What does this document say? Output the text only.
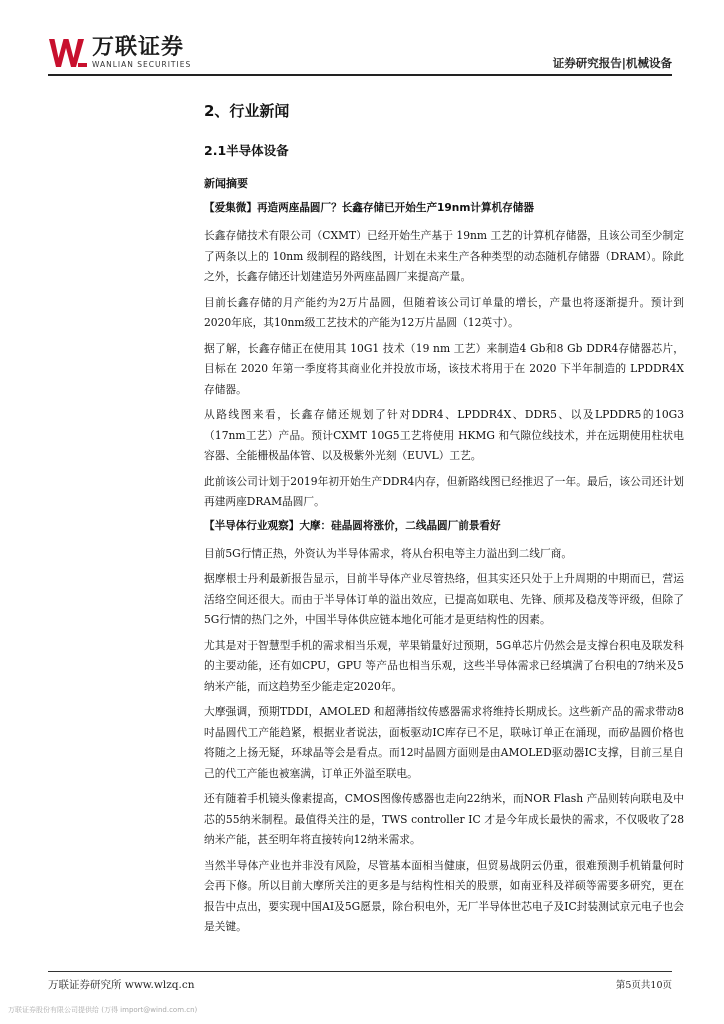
万联证券
WANLIAN SECURITIES	证券研究报告|机械设备
2、行业新闻
2.1半导体设备
新闻摘要
【爱集微】再造两座晶圆厂？长鑫存储已开始生产19nm计算机存储器
长鑫存储技术有限公司（CXMT）已经开始生产基于 19nm 工艺的计算机存储器，且该公司至少制定了两条以上的 10nm 级制程的路线图，计划在未来生产各种类型的动态随机存储器（DRAM）。除此之外，长鑫存储还计划建造另外两座晶圆厂来提高产量。
目前长鑫存储的月产能约为2万片晶圆，但随着该公司订单量的增长，产量也将逐渐提升。预计到 2020年底，其10nm级工艺技术的产能为12万片晶圆（12英寸）。
据了解，长鑫存储正在使用其 10G1 技术（19 nm 工艺）来制造4 Gb和8 Gb DDR4存储器芯片，目标在 2020 年第一季度将其商业化并投放市场，该技术将用于在 2020 下半年制造的 LPDDR4X 存储器。
从路线图来看，长鑫存储还规划了针对DDR4、LPDDR4X、DDR5、以及LPDDR5的10G3（17nm工艺）产品。预计CXMT 10G5工艺将使用 HKMG 和气隙位线技术，并在远期使用柱状电容器、全能栅极晶体管、以及极紫外光刻（EUVL）工艺。
此前该公司计划于2019年初开始生产DDR4内存，但新路线图已经推迟了一年。最后，该公司还计划再建两座DRAM晶圆厂。
【半导体行业观察】大摩：硅晶圆将涨价，二线晶圆厂前景看好
目前5G行情正热，外资认为半导体需求，将从台积电等主力溢出到二线厂商。
据摩根士丹利最新报告显示，目前半导体产业尽管热络，但其实还只处于上升周期的中期而已，营运活络空间还很大。而由于半导体订单的溢出效应，已提高如联电、先锋、颀邦及稳茂等评级，但除了5G行情的热门之外，中国半导体供应链本地化可能才是更结构性的因素。
尤其是对于智慧型手机的需求相当乐观，苹果销量好过预期，5G单芯片仍然会是支撑台积电及联发科的主要动能，还有如CPU，GPU 等产品也相当乐观，这些半导体需求已经填满了台积电的7纳米及5纳米产能，而这趋势至少能走定2020年。
大摩强调，预期TDDI，AMOLED 和超薄指纹传感器需求将维持长期成长。这些新产品的需求带动8吋晶圆代工产能趋紧，根据业者说法，面板驱动IC库存已不足，联咏订单正在涌现，而矽晶圆价格也将随之上扬无疑，环球晶等会是看点。而12吋晶圆方面则是由AMOLED驱动器IC支撑，目前三星自己的代工产能也被塞满，订单正外溢至联电。
还有随着手机镜头像素提高，CMOS图像传感器也走向22纳米，而NOR Flash 产品则转向联电及中芯的55纳米制程。最值得关注的是，TWS controller IC 才是今年成长最快的需求，不仅吸收了28纳米产能，甚至明年将直接转向12纳米需求。
当然半导体产业也并非没有风险，尽管基本面相当健康，但贸易战阴云仍重，很难预测手机销量何时会再下修。所以目前大摩所关注的更多是与结构性相关的股票，如南亚科及祥硕等需要多研究，更在报告中点出，要实现中国AI及5G愿景，除台积电外，无厂半导体世芯电子及IC封装测试京元电子也会是关键。
万联证券研究所 www.wlzq.cn	第5页共10页
万联证券股份有限公司提供给 (万得 import@wind.com.cn)
